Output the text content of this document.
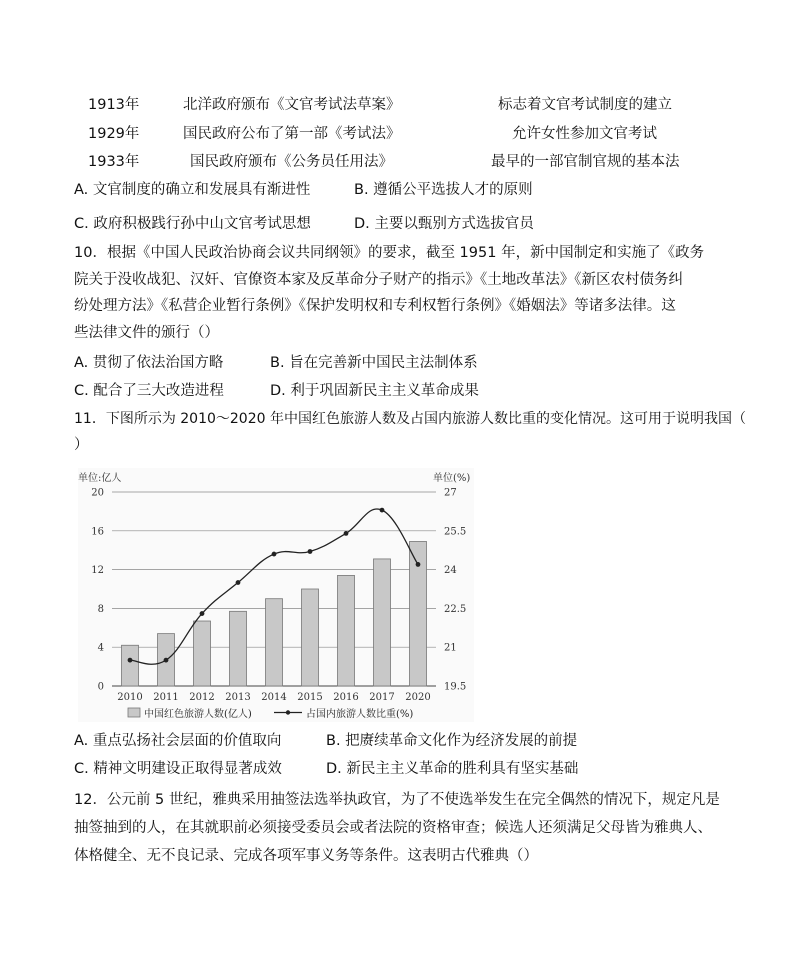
1913年	北洋政府颁布《文官考试法草案》	标志着文官考试制度的建立
1929年	国民政府公布了第一部《考试法》	允许女性参加文官考试
1933年	国民政府颁布《公务员任用法》	最早的一部官制官规的基本法
A. 文官制度的确立和发展具有渐进性	B. 遵循公平选拔人才的原则
C. 政府积极践行孙中山文官考试思想	D. 主要以甄别方式选拔官员
10．根据《中国人民政治协商会议共同纲领》的要求，截至 1951 年，新中国制定和实施了《政务
院关于没收战犯、汉奸、官僚资本家及反革命分子财产的指示》《土地改革法》《新区农村债务纠
纷处理方法》《私营企业暂行条例》《保护发明权和专利权暂行条例》《婚姻法》等诸多法律。这
些法律文件的颁行（）
A. 贯彻了依法治国方略	B. 旨在完善新中国民主法制体系
C. 配合了三大改造进程	D. 利于巩固新民主主义革命成果
11．下图所示为 2010～2020 年中国红色旅游人数及占国内旅游人数比重的变化情况。这可用于说明我国（
）
单位:亿人	单位(%)
0
4
8
12
16
20
19.5
21
22.5
24
25.5
27
2010 2011 2012 2013 2014 2015 2016 2017 2020
中国红色旅游人数(亿人)	占国内旅游人数比重(%)
A. 重点弘扬社会层面的价值取向	B. 把赓续革命文化作为经济发展的前提
C. 精神文明建设正取得显著成效	D. 新民主主义革命的胜利具有坚实基础
12．公元前 5 世纪，雅典采用抽签法选举执政官，为了不使选举发生在完全偶然的情况下，规定凡是
抽签抽到的人，在其就职前必须接受委员会或者法院的资格审查；候选人还须满足父母皆为雅典人、
体格健全、无不良记录、完成各项军事义务等条件。这表明古代雅典（）
